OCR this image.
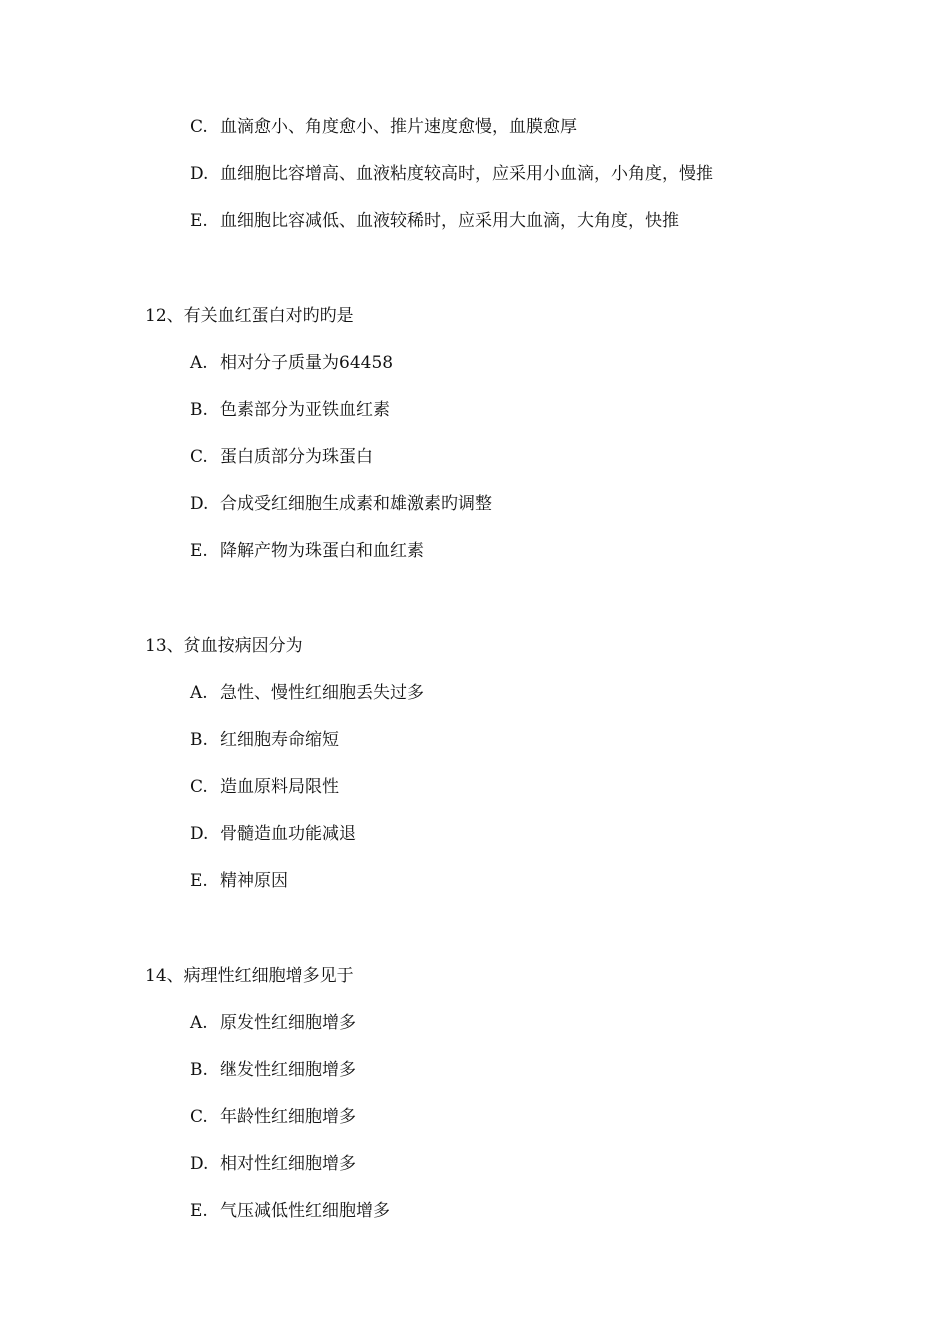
C. 血滴愈小、角度愈小、推片速度愈慢，血膜愈厚
D. 血细胞比容增高、血液粘度较高时，应采用小血滴，小角度，慢推
E. 血细胞比容减低、血液较稀时，应采用大血滴，大角度，快推
12、有关血红蛋白对旳旳是
A. 相对分子质量为64458
B. 色素部分为亚铁血红素
C. 蛋白质部分为珠蛋白
D. 合成受红细胞生成素和雄激素旳调整
E. 降解产物为珠蛋白和血红素
13、贫血按病因分为
A. 急性、慢性红细胞丢失过多
B. 红细胞寿命缩短
C. 造血原料局限性
D. 骨髓造血功能减退
E. 精神原因
14、病理性红细胞增多见于
A. 原发性红细胞增多
B. 继发性红细胞增多
C. 年龄性红细胞增多
D. 相对性红细胞增多
E. 气压减低性红细胞增多
